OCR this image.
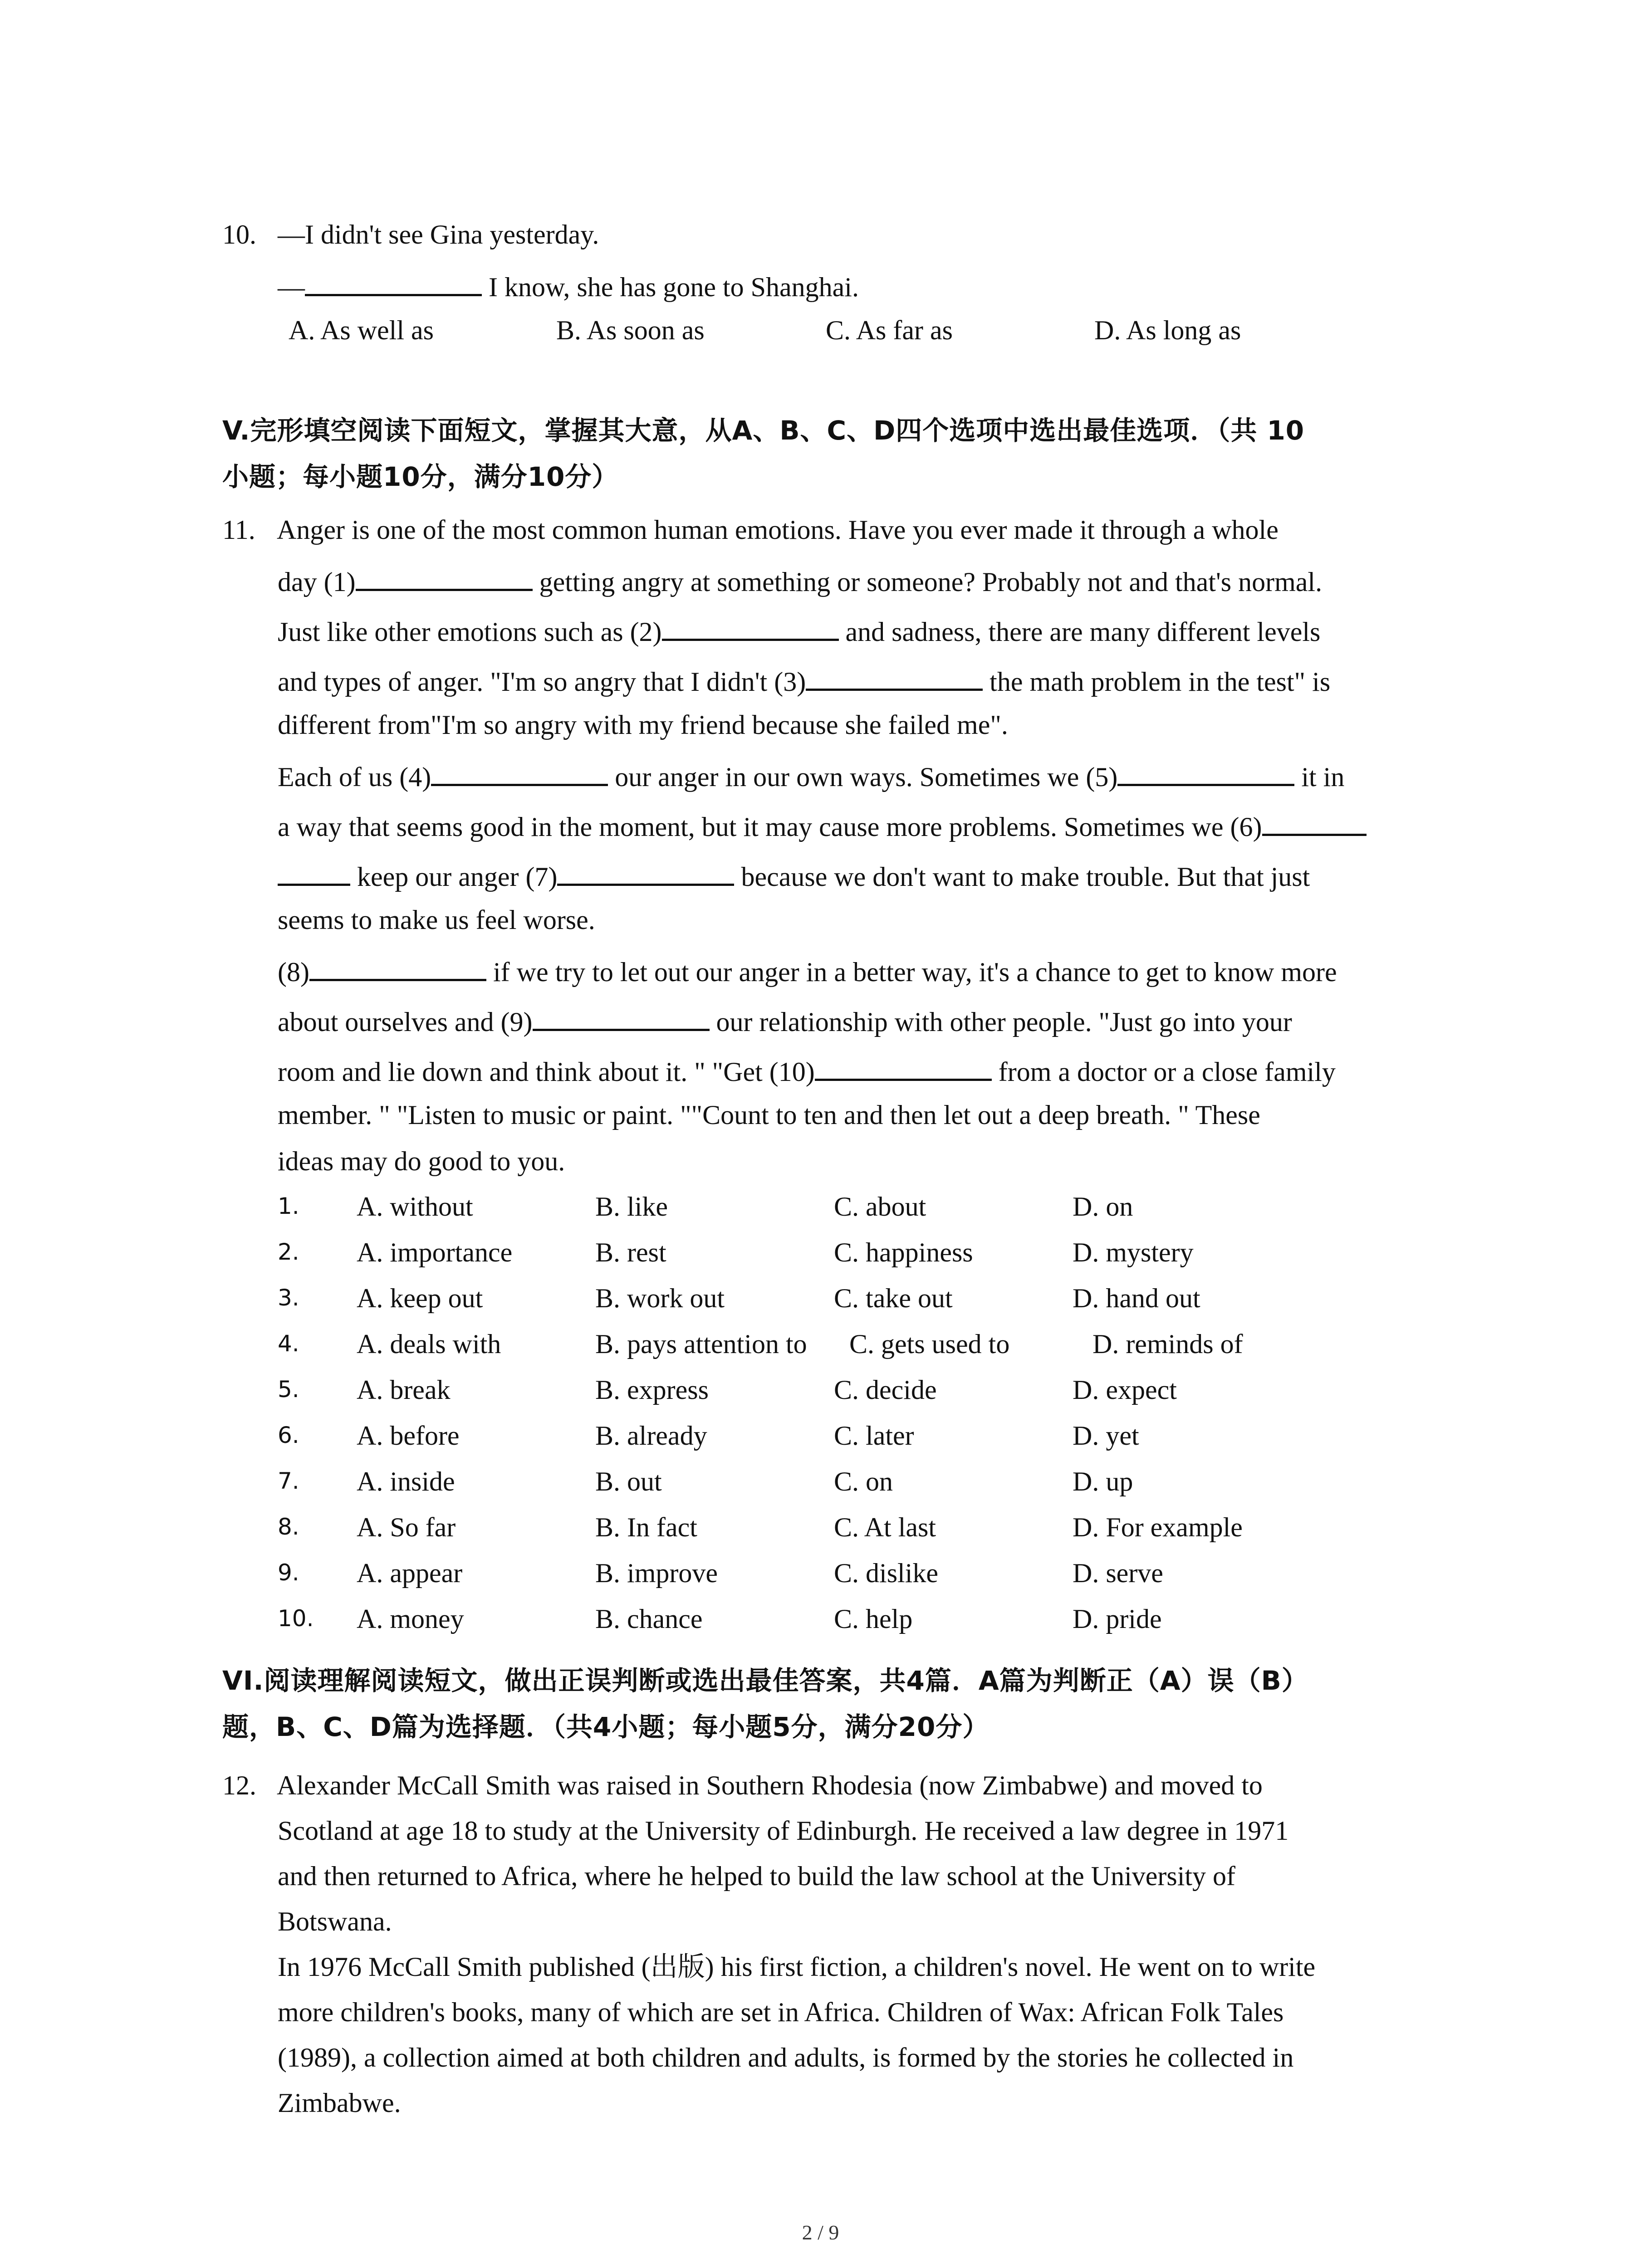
10. —I didn't see Gina yesterday.
—	I know, she has gone to Shanghai.
A. As well as	B. As soon as	C. As far as	D. As long as
V.完形填空阅读下面短文，掌握其大意，从A、B、C、D四个选项中选出最佳选项．（共 10
小题；每小题10分，满分10分）
11. Anger is one of the most common human emotions. Have you ever made it through a whole
day (1)	getting angry at something or someone? Probably not and that's normal.
Just like other emotions such as (2)	and sadness, there are many different levels
and types of anger. "I'm so angry that I didn't (3)	the math problem in the test" is
different from"I'm so angry with my friend because she failed me".
Each of us (4)	our anger in our own ways. Sometimes we (5)	it in
a way that seems good in the moment, but it may cause more problems. Sometimes we (6)
keep our anger (7)	because we don't want to make trouble. But that just
seems to make us feel worse.
(8)	if we try to let out our anger in a better way, it's a chance to get to know more
about ourselves and (9)	our relationship with other people. "Just go into your
room and lie down and think about it. " "Get (10)	from a doctor or a close family
member. " "Listen to music or paint. ""Count to ten and then let out a deep breath. " These
ideas may do good to you.
1. A. without	B. like	C. about	D. on
2. A. importance	B. rest	C. happiness	D. mystery
3. A. keep out	B. work out	C. take out	D. hand out
4. A. deals with	B. pays attention to C. gets used to	D. reminds of
5. A. break	B. express	C. decide	D. expect
6. A. before	B. already	C. later	D. yet
7. A. inside	B. out	C. on	D. up
8. A. So far	B. In fact	C. At last	D. For example
9. A. appear	B. improve	C. dislike	D. serve
10. A. money	B. chance	C. help	D. pride
VI.阅读理解阅读短文，做出正误判断或选出最佳答案，共4篇．A篇为判断正（A）误（B）
题，B、C、D篇为选择题．（共4小题；每小题5分，满分20分）
12. Alexander McCall Smith was raised in Southern Rhodesia (now Zimbabwe) and moved to
Scotland at age 18 to study at the University of Edinburgh. He received a law degree in 1971
and then returned to Africa, where he helped to build the law school at the University of
Botswana.
In 1976 McCall Smith published (出版) his first fiction, a children's novel. He went on to write
more children's books, many of which are set in Africa. Children of Wax: African Folk Tales
(1989), a collection aimed at both children and adults, is formed by the stories he collected in
Zimbabwe.
2 / 9
